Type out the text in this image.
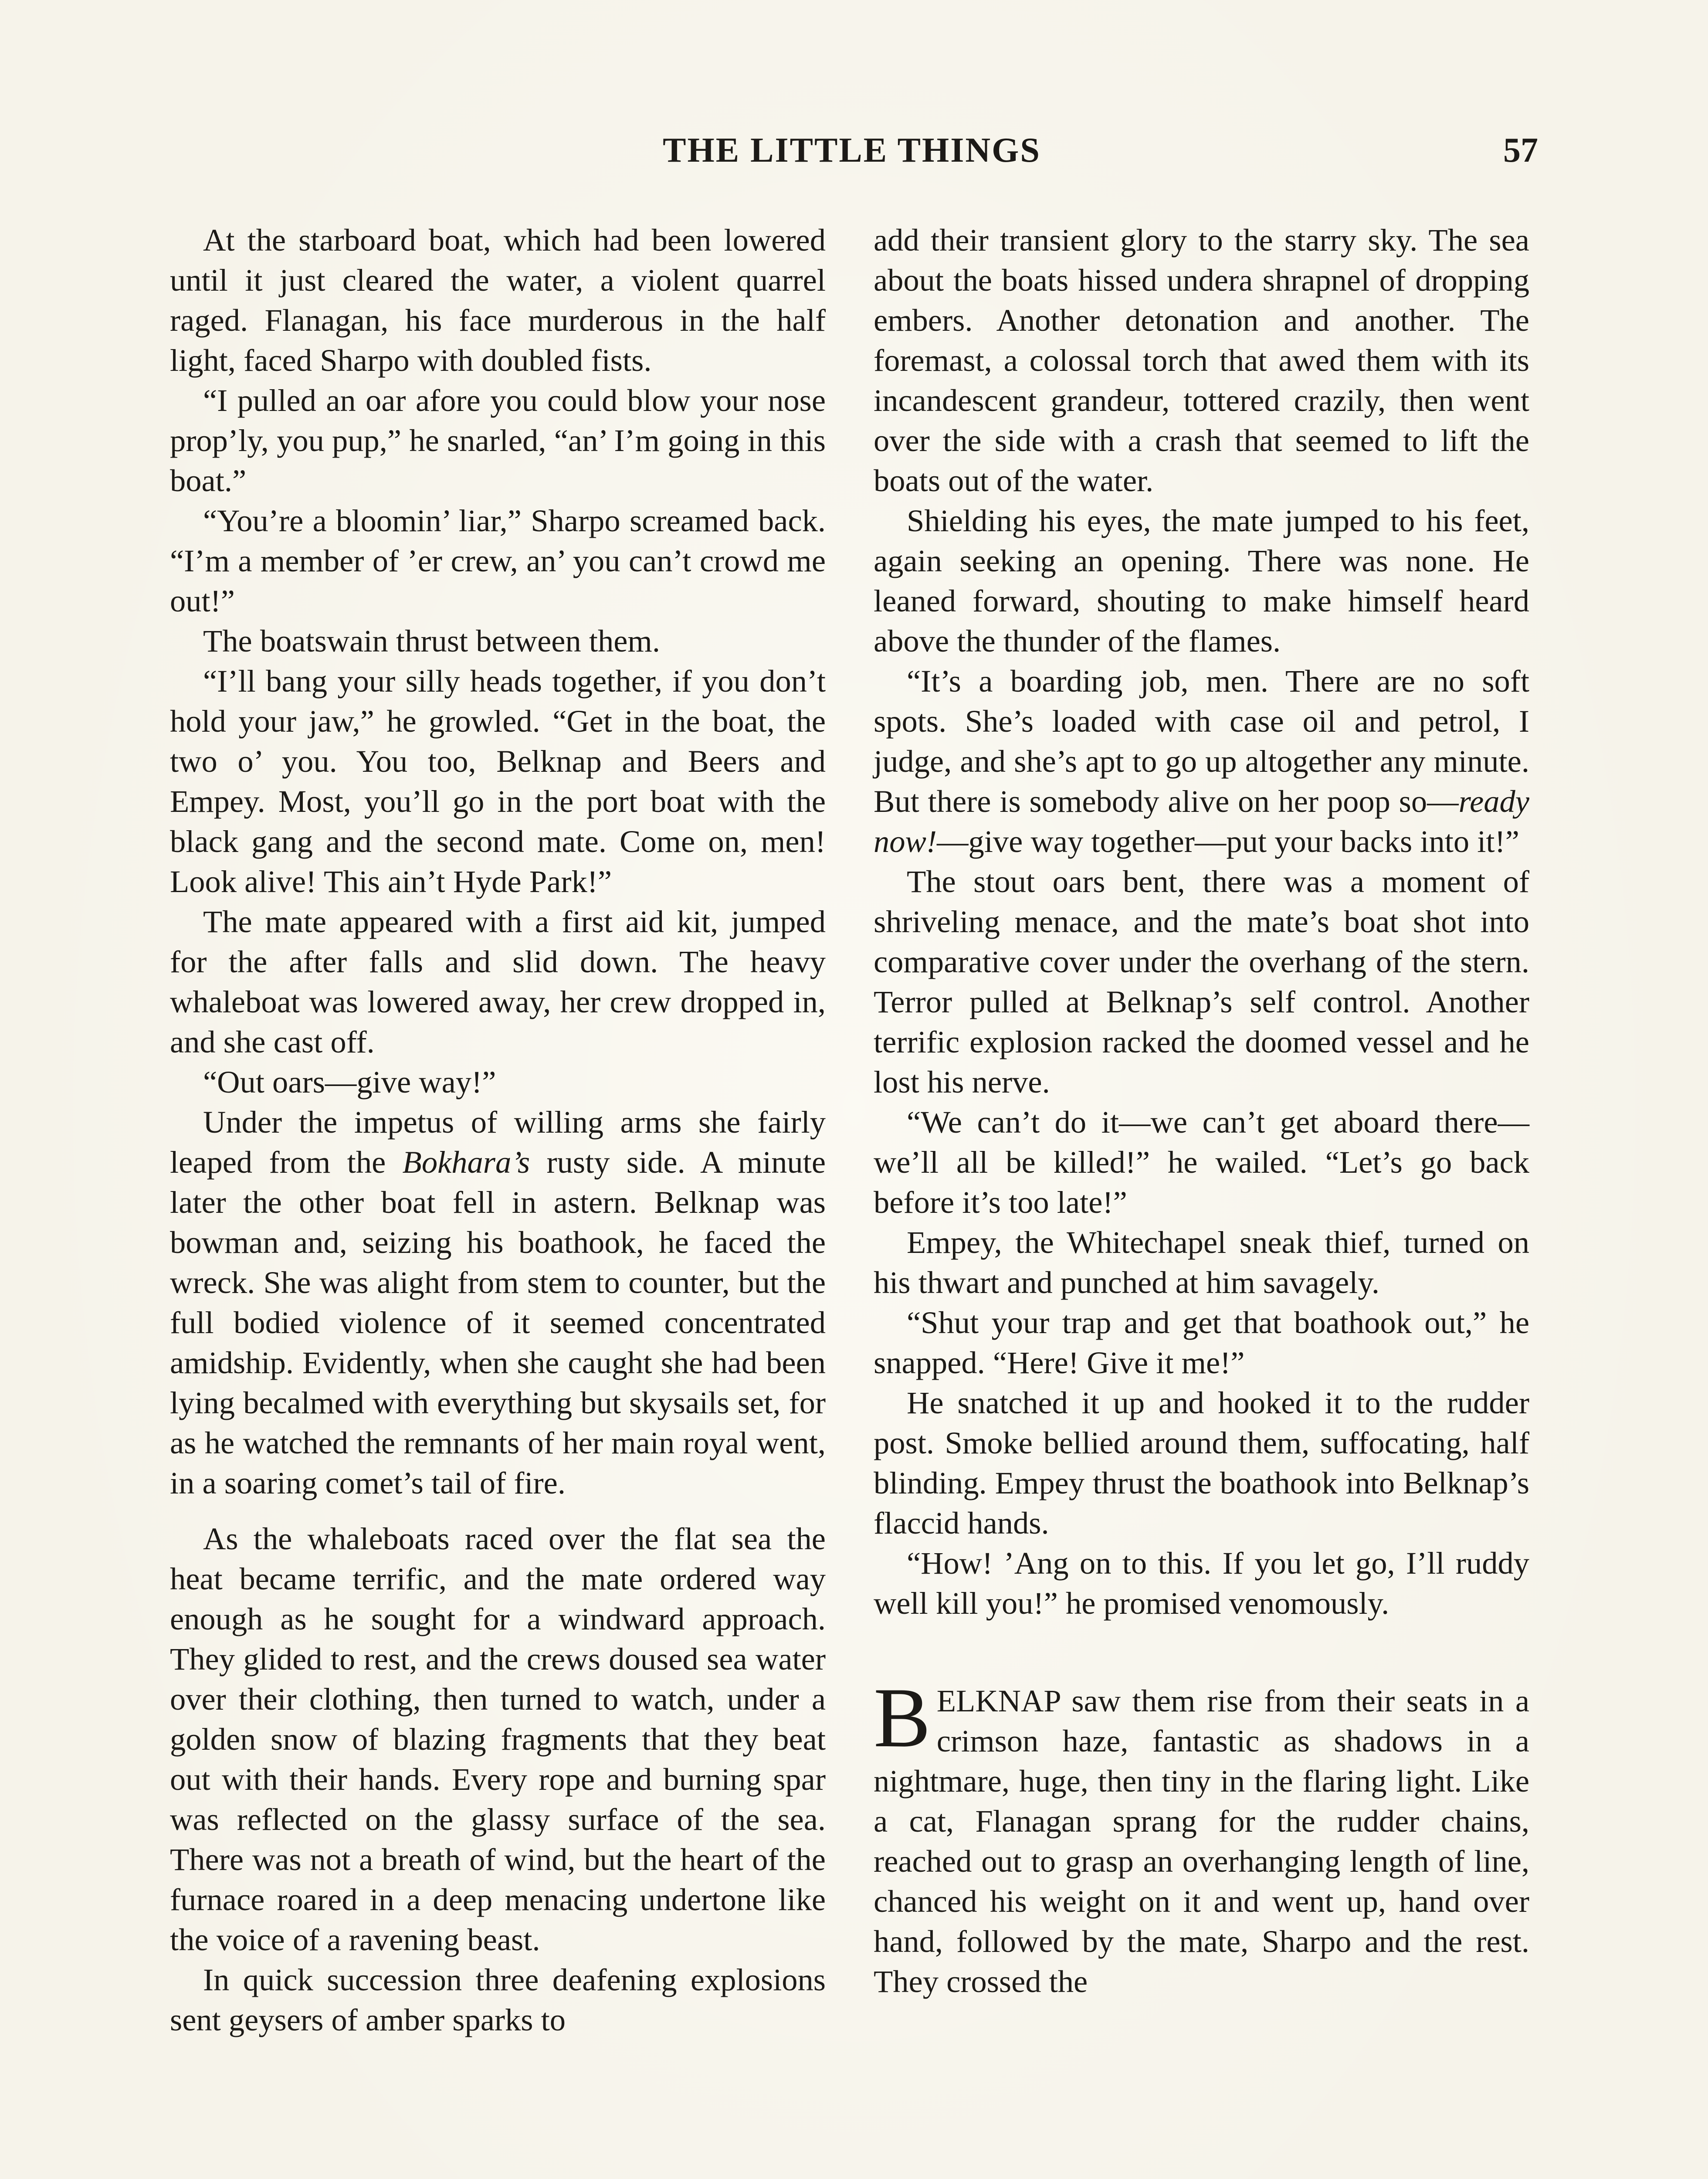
THE LITTLE THINGS	57

At the starboard boat, which had been lowered until it just cleared the water, a violent quarrel raged. Flanagan, his face murderous in the half light, faced Sharpo with doubled fists.

“I pulled an oar afore you could blow your nose prop’ly, you pup,” he snarled, “an’ I’m going in this boat.”

“You’re a bloomin’ liar,” Sharpo screamed back. “I’m a member of ’er crew, an’ you can’t crowd me out!”

The boatswain thrust between them.

“I’ll bang your silly heads together, if you don’t hold your jaw,” he growled. “Get in the boat, the two o’ you. You too, Belknap and Beers and Empey. Most, you’ll go in the port boat with the black gang and the second mate. Come on, men! Look alive! This ain’t Hyde Park!”

The mate appeared with a first aid kit, jumped for the after falls and slid down. The heavy whaleboat was lowered away, her crew dropped in, and she cast off.

“Out oars—give way!”

Under the impetus of willing arms she fairly leaped from the Bokhara’s rusty side. A minute later the other boat fell in astern. Belknap was bowman and, seizing his boathook, he faced the wreck. She was alight from stem to counter, but the full bodied violence of it seemed concentrated amidship. Evidently, when she caught she had been lying becalmed with everything but skysails set, for as he watched the remnants of her main royal went, in a soaring comet’s tail of fire.

As the whaleboats raced over the flat sea the heat became terrific, and the mate ordered way enough as he sought for a windward approach. They glided to rest, and the crews doused sea water over their clothing, then turned to watch, under a golden snow of blazing fragments that they beat out with their hands. Every rope and burning spar was reflected on the glassy surface of the sea. There was not a breath of wind, but the heart of the furnace roared in a deep menacing undertone like the voice of a ravening beast.

In quick succession three deafening explosions sent geysers of amber sparks to

add their transient glory to the starry sky. The sea about the boats hissed undera shrapnel of dropping embers. Another detonation and another. The foremast, a colossal torch that awed them with its incandescent grandeur, tottered crazily, then went over the side with a crash that seemed to lift the boats out of the water.

Shielding his eyes, the mate jumped to his feet, again seeking an opening. There was none. He leaned forward, shouting to make himself heard above the thunder of the flames.

“It’s a boarding job, men. There are no soft spots. She’s loaded with case oil and petrol, I judge, and she’s apt to go up altogether any minute. But there is somebody alive on her poop so—ready now!—give way together—put your backs into it!”

The stout oars bent, there was a moment of shriveling menace, and the mate’s boat shot into comparative cover under the overhang of the stern. Terror pulled at Belknap’s self control. Another terrific explosion racked the doomed vessel and he lost his nerve.

“We can’t do it—we can’t get aboard there—we’ll all be killed!” he wailed. “Let’s go back before it’s too late!”

Empey, the Whitechapel sneak thief, turned on his thwart and punched at him savagely.

“Shut your trap and get that boathook out,” he snapped. “Here! Give it me!”

He snatched it up and hooked it to the rudder post. Smoke bellied around them, suffocating, half blinding. Empey thrust the boathook into Belknap’s flaccid hands.

“How! ’Ang on to this. If you let go, I’ll ruddy well kill you!” he promised venomously.

BELKNAP saw them rise from their seats in a crimson haze, fantastic as shadows in a nightmare, huge, then tiny in the flaring light. Like a cat, Flanagan sprang for the rudder chains, reached out to grasp an overhanging length of line, chanced his weight on it and went up, hand over hand, followed by the mate, Sharpo and the rest. They crossed the
